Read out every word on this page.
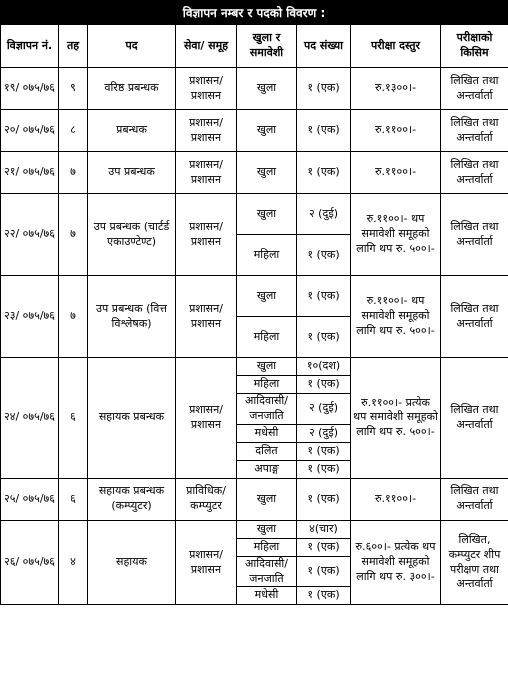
विज्ञापन नम्बर र पदको विवरण :
विज्ञापन नं.	तह	पद	सेवा/ समूह	खुला र समावेशी	पद संख्या	परीक्षा दस्तुर	परीक्षाको किसिम
१९/ ०७५/७६	९	वरिष्ठ प्रबन्धक	प्रशासन/ प्रशासन	खुला	१ (एक)	रु.१३००।-	लिखित तथा अन्तर्वार्ता
२०/ ०७५/७६	८	प्रबन्धक	प्रशासन/ प्रशासन	खुला	१ (एक)	रु.११००।-	लिखित तथा अन्तर्वार्ता
२१/ ०७५/७६	७	उप प्रबन्धक	प्रशासन/ प्रशासन	खुला	१ (एक)	रु.११००।-	लिखित तथा अन्तर्वार्ता
२२/ ०७५/७६	७	उप प्रबन्धक (चार्टर्ड एकाउण्टेण्ट)	प्रशासन/ प्रशासन	खुला	२ (दुई)	रु.११००।- थप समावेशी समूहको लागि थप रु. ५००।-	लिखित तथा अन्तर्वार्ता
				महिला	१ (एक)		
२३/ ०७५/७६	७	उप प्रबन्धक (वित्त विश्लेषक)	प्रशासन/ प्रशासन	खुला	१ (एक)	रु.११००।- थप समावेशी समूहको लागि थप रु. ५००।-	लिखित तथा अन्तर्वार्ता
				महिला	१ (एक)		
२४/ ०७५/७६	६	सहायक प्रबन्धक	प्रशासन/ प्रशासन	खुला	१०(दश)	रु.११००।- प्रत्येक थप समावेशी समूहको लागि थप रु. ५००।-	लिखित तथा अन्तर्वार्ता
				महिला	१ (एक)		
				आदिवासी/ जनजाति	२ (दुई)		
				मधेसी	२ (दुई)		
				दलित	१ (एक)		
				अपाङ्ग	१ (एक)		
२५/ ०७५/७६	६	सहायक प्रबन्धक (कम्प्युटर)	प्राविधिक/ कम्प्युटर	खुला	१ (एक)	रु.११००।-	लिखित तथा अन्तर्वार्ता
२६/ ०७५/७६	४	सहायक	प्रशासन/ प्रशासन	खुला	४(चार)	रु.६००।- प्रत्येक थप समावेशी समूहको लागि थप रु. ३००।-	लिखित, कम्प्युटर शीप परीक्षण तथा अन्तर्वार्ता
				महिला	१ (एक)		
				आदिवासी/ जनजाति	१ (एक)		
				मधेसी	१ (एक)		
